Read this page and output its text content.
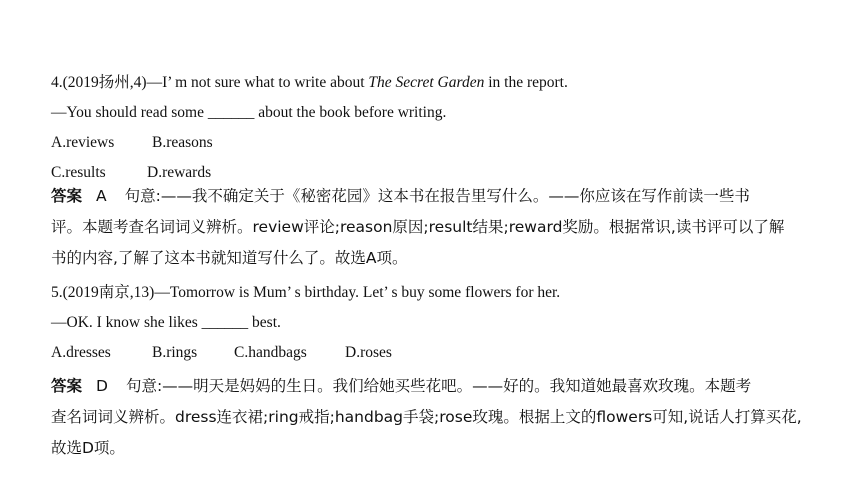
4.(2019扬州,4)—I’ m not sure what to write about The Secret Garden in the report.
—You should read some ______ about the book before writing.
A.reviews B.reasons
C.results	D.rewards
答案 A 句意:——我不确定关于《秘密花园》这本书在报告里写什么。——你应该在写作前读一些书
评。本题考查名词词义辨析。review评论;reason原因;result结果;reward奖励。根据常识,读书评可以了解
书的内容,了解了这本书就知道写什么了。故选A项。
5.(2019南京,13)—Tomorrow is Mum’ s birthday. Let’ s buy some flowers for her.
—OK. I know she likes ______ best.
A.dresses	B.rings C.handbags D.roses
答案 D 句意:——明天是妈妈的生日。我们给她买些花吧。——好的。我知道她最喜欢玫瑰。本题考
查名词词义辨析。dress连衣裙;ring戒指;handbag手袋;rose玫瑰。根据上文的flowers可知,说话人打算买花,
故选D项。
